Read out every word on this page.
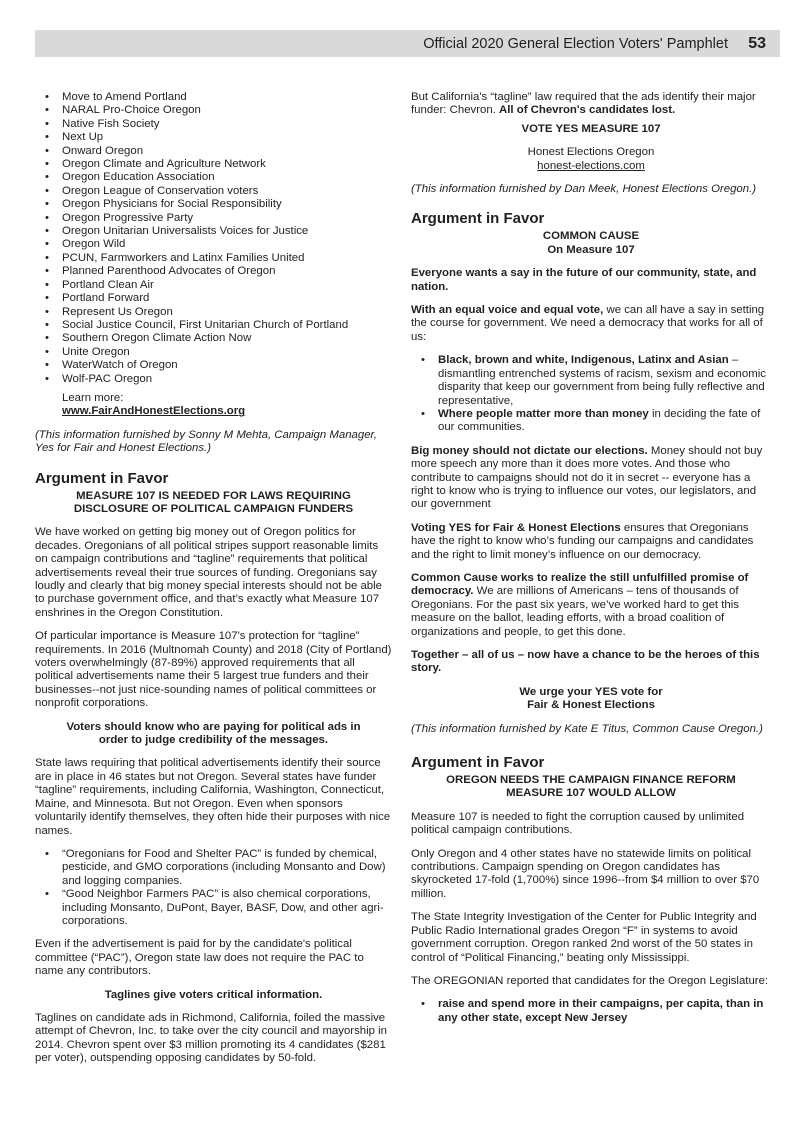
Official 2020 General Election Voters' Pamphlet 53
• Move to Amend Portland
• NARAL Pro-Choice Oregon
• Native Fish Society
• Next Up
• Onward Oregon
• Oregon Climate and Agriculture Network
• Oregon Education Association
• Oregon League of Conservation voters
• Oregon Physicians for Social Responsibility
• Oregon Progressive Party
• Oregon Unitarian Universalists Voices for Justice
• Oregon Wild
• PCUN, Farmworkers and Latinx Families United
• Planned Parenthood Advocates of Oregon
• Portland Clean Air
• Portland Forward
• Represent Us Oregon
• Social Justice Council, First Unitarian Church of Portland
• Southern Oregon Climate Action Now
• Unite Oregon
• WaterWatch of Oregon
• Wolf-PAC Oregon
Learn more:
www.FairAndHonestElections.org

(This information furnished by Sonny M Mehta, Campaign Manager, Yes for Fair and Honest Elections.)

Argument in Favor

MEASURE 107 IS NEEDED FOR LAWS REQUIRING DISCLOSURE OF POLITICAL CAMPAIGN FUNDERS

We have worked on getting big money out of Oregon politics for decades. Oregonians of all political stripes support reasonable limits on campaign contributions and “tagline” requirements that political advertisements reveal their true sources of funding. Oregonians say loudly and clearly that big money special interests should not be able to purchase government office, and that’s exactly what Measure 107 enshrines in the Oregon Constitution.

Of particular importance is Measure 107's protection for “tagline” requirements. In 2016 (Multnomah County) and 2018 (City of Portland) voters overwhelmingly (87-89%) approved requirements that all political advertisements name their 5 largest true funders and their businesses--not just nice-sounding names of political committees or nonprofit corporations.

Voters should know who are paying for political ads in order to judge credibility of the messages.

State laws requiring that political advertisements identify their source are in place in 46 states but not Oregon. Several states have funder “tagline” requirements, including California, Washington, Connecticut, Maine, and Minnesota. But not Oregon. Even when sponsors voluntarily identify themselves, they often hide their purposes with nice names.

• “Oregonians for Food and Shelter PAC” is funded by chemical, pesticide, and GMO corporations (including Monsanto and Dow) and logging companies.
• “Good Neighbor Farmers PAC” is also chemical corporations, including Monsanto, DuPont, Bayer, BASF, Dow, and other agri-corporations.

Even if the advertisement is paid for by the candidate's political committee (“PAC”), Oregon state law does not require the PAC to name any contributors.

Taglines give voters critical information.

Taglines on candidate ads in Richmond, California, foiled the massive attempt of Chevron, Inc. to take over the city council and mayorship in 2014. Chevron spent over $3 million promoting its 4 candidates ($281 per voter), outspending opposing candidates by 50-fold.

But California's “tagline” law required that the ads identify their major funder: Chevron. All of Chevron's candidates lost.

VOTE YES MEASURE 107

Honest Elections Oregon

honest-elections.com

(This information furnished by Dan Meek, Honest Elections Oregon.)

Argument in Favor

COMMON CAUSE
On Measure 107

Everyone wants a say in the future of our community, state, and nation.

With an equal voice and equal vote, we can all have a say in setting the course for government. We need a democracy that works for all of us:

• Black, brown and white, Indigenous, Latinx and Asian – dismantling entrenched systems of racism, sexism and economic disparity that keep our government from being fully reflective and representative,
• Where people matter more than money in deciding the fate of our communities.

Big money should not dictate our elections. Money should not buy more speech any more than it does more votes. And those who contribute to campaigns should not do it in secret -- everyone has a right to know who is trying to influence our votes, our legislators, and our government

Voting YES for Fair & Honest Elections ensures that Oregonians have the right to know who’s funding our campaigns and candidates and the right to limit money’s influence on our democracy.

Common Cause works to realize the still unfulfilled promise of democracy. We are millions of Americans – tens of thousands of Oregonians. For the past six years, we’ve worked hard to get this measure on the ballot, leading efforts, with a broad coalition of organizations and people, to get this done.

Together – all of us – now have a chance to be the heroes of this story.

We urge your YES vote for
Fair & Honest Elections

(This information furnished by Kate E Titus, Common Cause Oregon.)

Argument in Favor

OREGON NEEDS THE CAMPAIGN FINANCE REFORM MEASURE 107 WOULD ALLOW

Measure 107 is needed to fight the corruption caused by unlimited political campaign contributions.

Only Oregon and 4 other states have no statewide limits on political contributions. Campaign spending on Oregon candidates has skyrocketed 17-fold (1,700%) since 1996--from $4 million to over $70 million.

The State Integrity Investigation of the Center for Public Integrity and Public Radio International grades Oregon “F” in systems to avoid government corruption. Oregon ranked 2nd worst of the 50 states in control of “Political Financing,” beating only Mississippi.

The OREGONIAN reported that candidates for the Oregon Legislature:

• raise and spend more in their campaigns, per capita, than in any other state, except New Jersey
